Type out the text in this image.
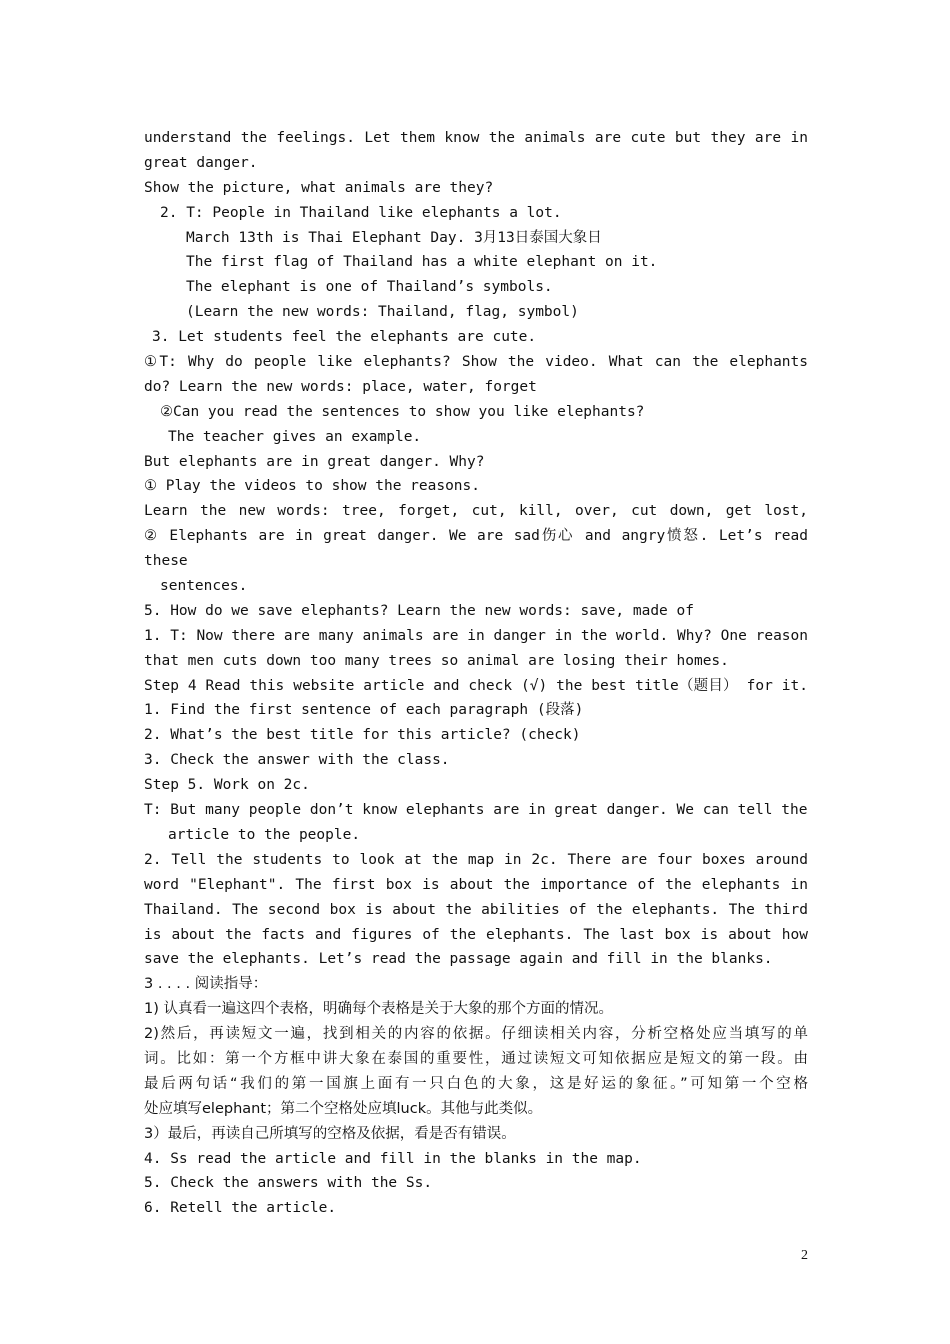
understand the feelings. Let them know the animals are cute but they are in
great danger.
Show the picture, what animals are they?
2. T: People in Thailand like elephants a lot.
March 13th is Thai Elephant Day. 3月13日泰国大象日
The first flag of Thailand has a white elephant on it.
The elephant is one of Thailand’s symbols.
(Learn the new words: Thailand, flag, symbol)
3. Let students feel the elephants are cute.
①T: Why do people like elephants? Show the video. What can the elephants
do? Learn the new words: place, water, forget
②Can you read the sentences to show you like elephants?
The teacher gives an example.
But elephants are in great danger. Why?
① Play the videos to show the reasons.
Learn the new words: tree, forget, cut, kill, over, cut down, get lost,
② Elephants are in great danger. We are sad伤心 and angry愤怒. Let’s read
these
sentences.
5. How do we save elephants? Learn the new words: save, made of
1. T: Now there are many animals are in danger in the world. Why? One reason
that men cuts down too many trees so animal are losing their homes.
Step 4 Read this website article and check (√) the best title（题目） for it.
1. Find the first sentence of each paragraph (段落)
2. What’s the best title for this article? (check)
3. Check the answer with the class.
Step 5. Work on 2c.
T: But many people don’t know elephants are in great danger. We can tell the
article to the people.
2. Tell the students to look at the map in 2c. There are four boxes around
word "Elephant". The first box is about the importance of the elephants in
Thailand. The second box is about the abilities of the elephants. The third
is about the facts and figures of the elephants. The last box is about how
save the elephants. Let’s read the passage again and fill in the blanks.
3 . . . . 阅读指导：
1) 认真看一遍这四个表格，明确每个表格是关于大象的那个方面的情况。
2)然后，再读短文一遍，找到相关的内容的依据。仔细读相关内容，分析空格处应当填写的单
词。比如：第一个方框中讲大象在泰国的重要性，通过读短文可知依据应是短文的第一段。由
最后两句话“我们的第一国旗上面有一只白色的大象，这是好运的象征。”可知第一个空格
处应填写elephant；第二个空格处应填luck。其他与此类似。
3）最后，再读自己所填写的空格及依据，看是否有错误。
4. Ss read the article and fill in the blanks in the map.
5. Check the answers with the Ss.
6. Retell the article.
2
